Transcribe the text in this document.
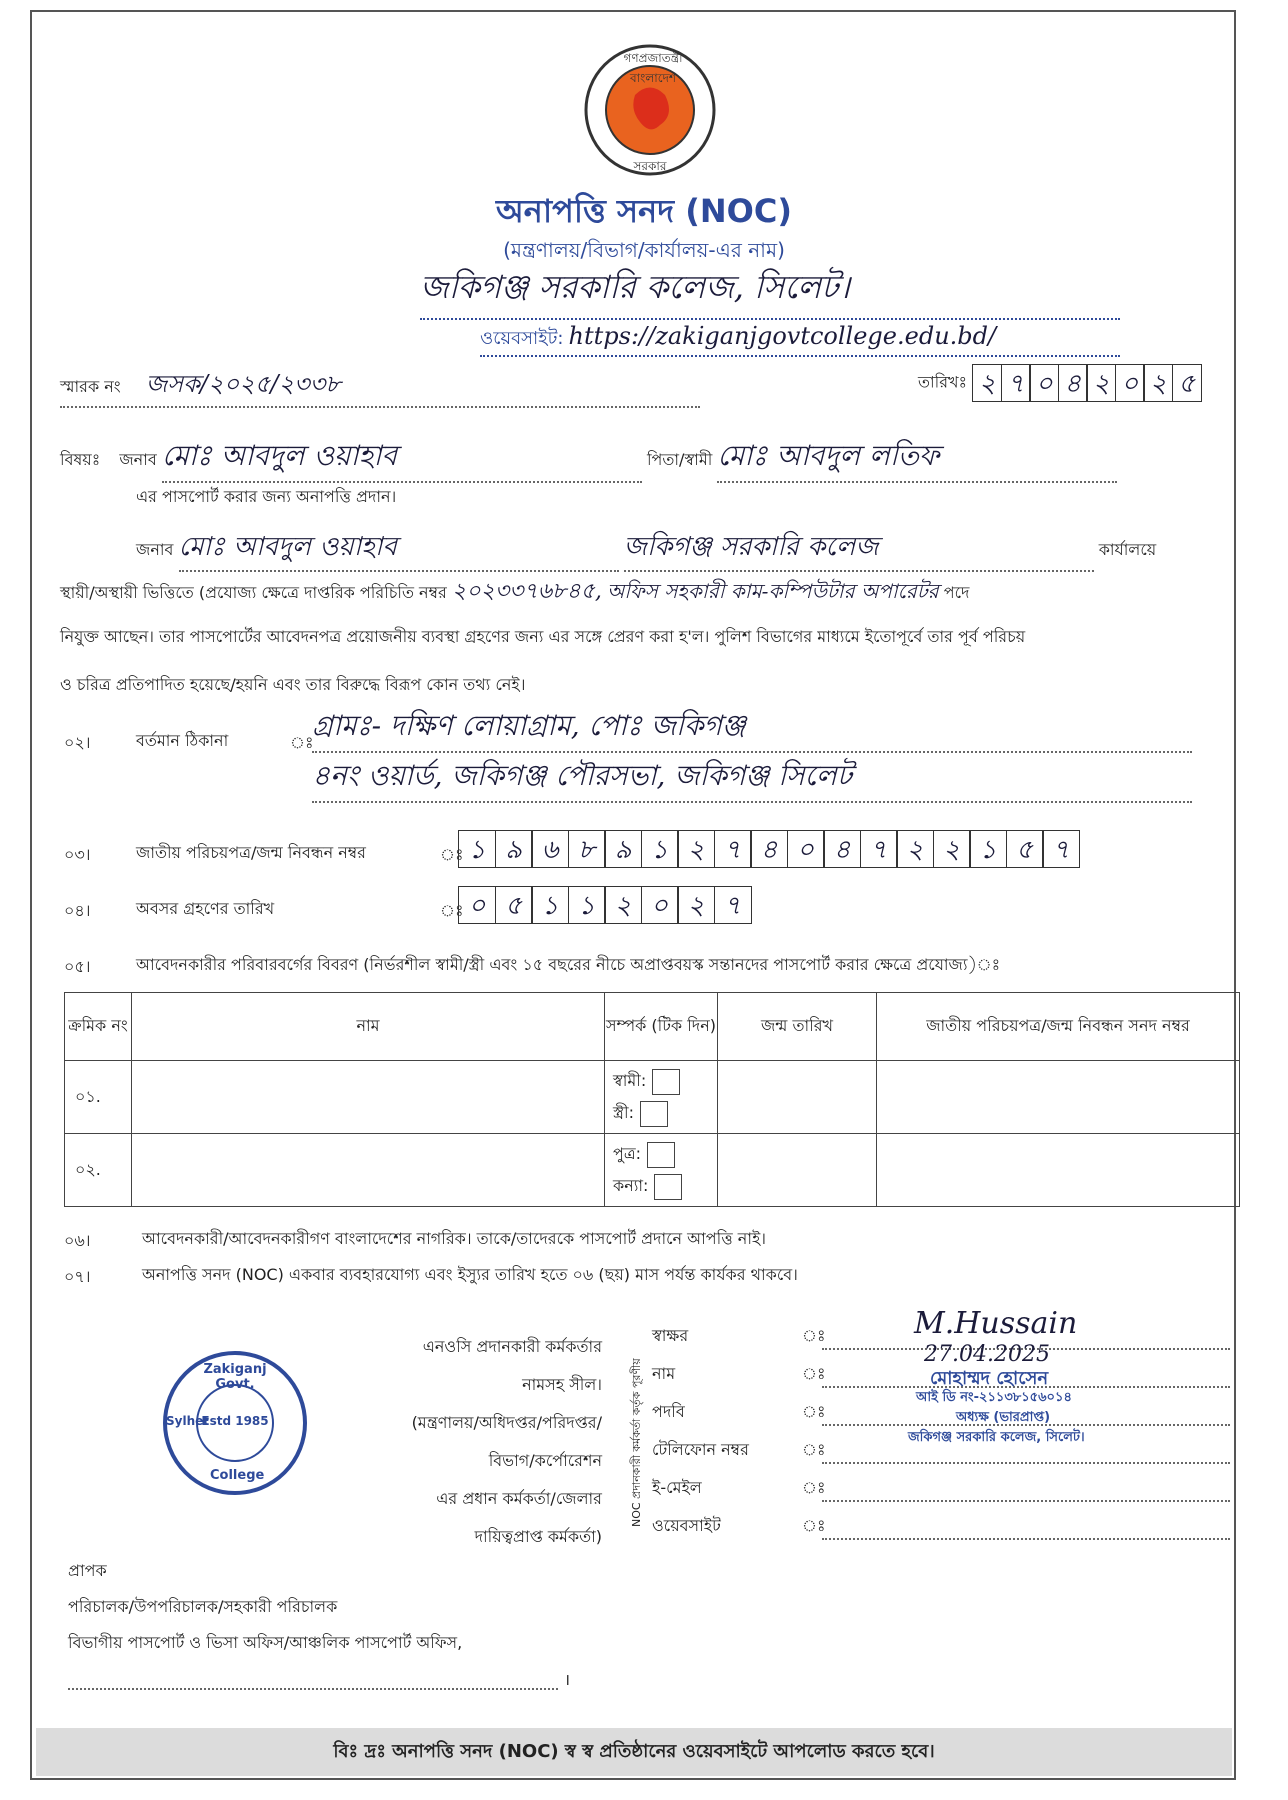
গণপ্রজাতন্ত্রী বাংলাদেশ
সরকার
অনাপত্তি সনদ (NOC)
(মন্ত্রণালয়/বিভাগ/কার্যালয়-এর নাম)
জকিগঞ্জ সরকারি কলেজ, সিলেট।
ওয়েবসাইট: https://zakiganjgovtcollege.edu.bd/
স্মারক নং জসক/২০২৫/২৩৩৮	তারিখঃ ২ ৭ ০ ৪ ২ ০ ২ ৫
বিষয়ঃ জনাব মোঃ আবদুল ওয়াহাব	পিতা/স্বামী মোঃ আবদুল লতিফ
এর পাসপোর্ট করার জন্য অনাপত্তি প্রদান।
জনাব মোঃ আবদুল ওয়াহাব	জকিগঞ্জ সরকারি কলেজ	কার্যালয়ে
স্থায়ী/অস্থায়ী ভিত্তিতে (প্রযোজ্য ক্ষেত্রে দাপ্তরিক পরিচিতি নম্বর ২০২৩৩৭৬৮৪৫, অফিস সহকারী কাম-কম্পিউটার অপারেটর পদে
নিযুক্ত আছেন। তার পাসপোর্টের আবেদনপত্র প্রয়োজনীয় ব্যবস্থা গ্রহণের জন্য এর সঙ্গে প্রেরণ করা হ'ল। পুলিশ বিভাগের মাধ্যমে ইতোপূর্বে তার পূর্ব পরিচয়
ও চরিত্র প্রতিপাদিত হয়েছে/হয়নি এবং তার বিরুদ্ধে বিরূপ কোন তথ্য নেই।
০২।	বর্তমান ঠিকানা	ঃ
গ্রামঃ- দক্ষিণ লোয়াগ্রাম, পোঃ জকিগঞ্জ
৪নং ওয়ার্ড, জকিগঞ্জ পৌরসভা, জকিগঞ্জ সিলেট
০৩।	জাতীয় পরিচয়পত্র/জন্ম নিবন্ধন নম্বর	ঃ ১ ৯ ৬ ৮ ৯ ১ ২ ৭ ৪ ০ ৪ ৭ ২ ২ ১ ৫ ৭
০৪।	অবসর গ্রহণের তারিখ	ঃ ০ ৫ ১ ১ ২ ০ ২ ৭
০৫।	আবেদনকারীর পরিবারবর্গের বিবরণ (নির্ভরশীল স্বামী/স্ত্রী এবং ১৫ বছরের নীচে অপ্রাপ্তবয়স্ক সন্তানদের পাসপোর্ট করার ক্ষেত্রে প্রযোজ্য)ঃ
ক্রমিক নং	নাম	সম্পর্ক (টিক দিন)	জন্ম তারিখ	জাতীয় পরিচয়পত্র/জন্ম নিবন্ধন সনদ নম্বর
০১.		স্বামী:
স্ত্রী:		

০২.		পুত্র:
কন্যা:		

০৬।	আবেদনকারী/আবেদনকারীগণ বাংলাদেশের নাগরিক। তাকে/তাদেরকে পাসপোর্ট প্রদানে আপত্তি নাই।
০৭।	অনাপত্তি সনদ (NOC) একবার ব্যবহারযোগ্য এবং ইস্যুর তারিখ হতে ০৬ (ছয়) মাস পর্যন্ত কার্যকর থাকবে।
এনওসি প্রদানকারী কর্মকর্তার
নামসহ সীল।
(মন্ত্রণালয়/অধিদপ্তর/পরিদপ্তর/
বিভাগ/কর্পোরেশন
এর প্রধান কর্মকর্তা/জেলার
দায়িত্বপ্রাপ্ত কর্মকর্তা)
NOC প্রদানকারী কর্মকর্তা কর্তৃক পূরণীয়
স্বাক্ষর	ঃ
নাম	ঃ
পদবি	ঃ
টেলিফোন নম্বর	ঃ
ই-মেইল	ঃ
ওয়েবসাইট	ঃ
M.Hussain
27.04.2025
মোহাম্মদ হোসেন
আই ডি নং-২১১৩৮১৫৬০১৪
অধ্যক্ষ (ভারপ্রাপ্ত)
জকিগঞ্জ সরকারি কলেজ, সিলেট।
Zakiganj Govt.
Estd 1985
College
Sylhet
প্রাপক
পরিচালক/উপপরিচালক/সহকারী পরিচালক
বিভাগীয় পাসপোর্ট ও ভিসা অফিস/আঞ্চলিক পাসপোর্ট অফিস,
।
বিঃ দ্রঃ অনাপত্তি সনদ (NOC) স্ব স্ব প্রতিষ্ঠানের ওয়েবসাইটে আপলোড করতে হবে।
